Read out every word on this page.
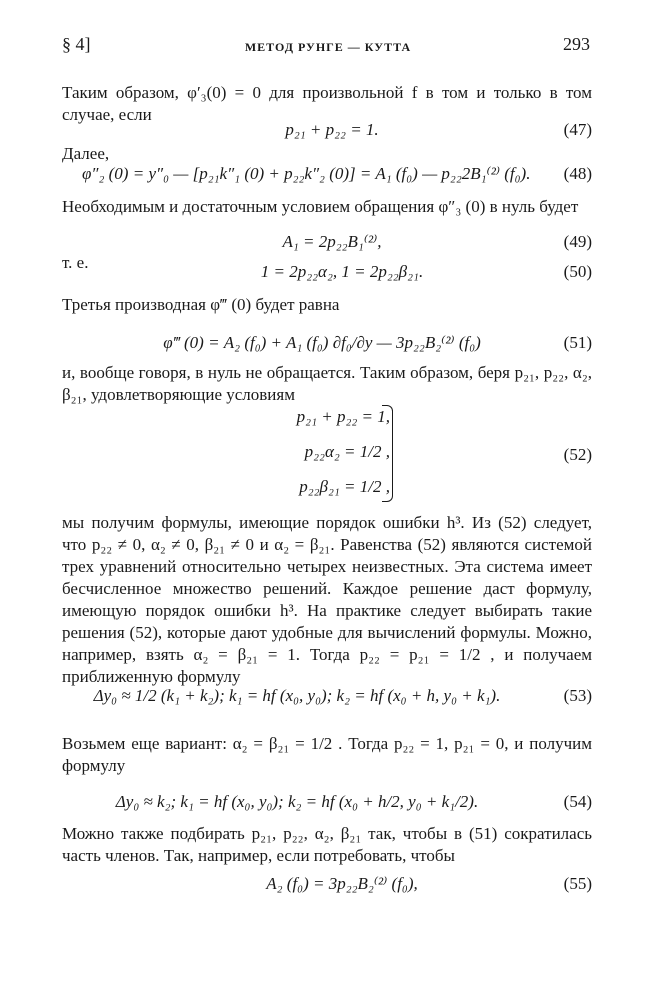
§ 4]	МЕТОД РУНГЕ — КУТТА	293
Таким образом, φ′₃(0) = 0 для произвольной f в том и только в том случае, если
p₂₁ + p₂₂ = 1.	(47)
Далее,
φ″₂ (0) = y″₀ — [p₂₁k″₁ (0) + p₂₂k″₂ (0)] = A₁ (f₀) — p₂₂2B₁⁽²⁾ (f₀). (48)
Необходимым и достаточным условием обращения φ″₃ (0) в нуль будет
A₁ = 2p₂₂B₁⁽²⁾,	(49)
т. е.	1 = 2p₂₂α₂, 1 = 2p₂₂β₂₁.	(50)
Третья производная φ‴ (0) будет равна
φ‴ (0) = A₂ (f₀) + A₁ (f₀) ∂f₀/∂y — 3p₂₂B₂⁽²⁾ (f₀)	(51)
и, вообще говоря, в нуль не обращается. Таким образом, беря p₂₁, p₂₂, α₂, β₂₁, удовлетворяющие условиям
p₂₁ + p₂₂ = 1,
p₂₂α₂ = 1/2 ,
p₂₂β₂₁ = 1/2 ,
(52)
мы получим формулы, имеющие порядок ошибки h³. Из (52) следует, что p₂₂ ≠ 0, α₂ ≠ 0, β₂₁ ≠ 0 и α₂ = β₂₁. Равенства (52) являются системой трех уравнений относительно четырех неизвестных. Эта система имеет бесчисленное множество решений. Каждое решение даст формулу, имеющую порядок ошибки h³. На практике следует выбирать такие решения (52), которые дают удобные для вычислений формулы. Можно, например, взять α₂ = β₂₁ = 1. Тогда p₂₂ = p₂₁ = 1/2 , и получаем приближенную формулу
Δy₀ ≈ 1/2 (k₁ + k₂); k₁ = hf (x₀, y₀); k₂ = hf (x₀ + h, y₀ + k₁).	(53)
Возьмем еще вариант: α₂ = β₂₁ = 1/2 . Тогда p₂₂ = 1, p₂₁ = 0, и получим формулу
Δy₀ ≈ k₂; k₁ = hf (x₀, y₀); k₂ = hf (x₀ + h/2, y₀ + k₁/2).	(54)
Можно также подбирать p₂₁, p₂₂, α₂, β₂₁ так, чтобы в (51) сократилась часть членов. Так, например, если потребовать, чтобы
A₂ (f₀) = 3p₂₂B₂⁽²⁾ (f₀),	(55)
